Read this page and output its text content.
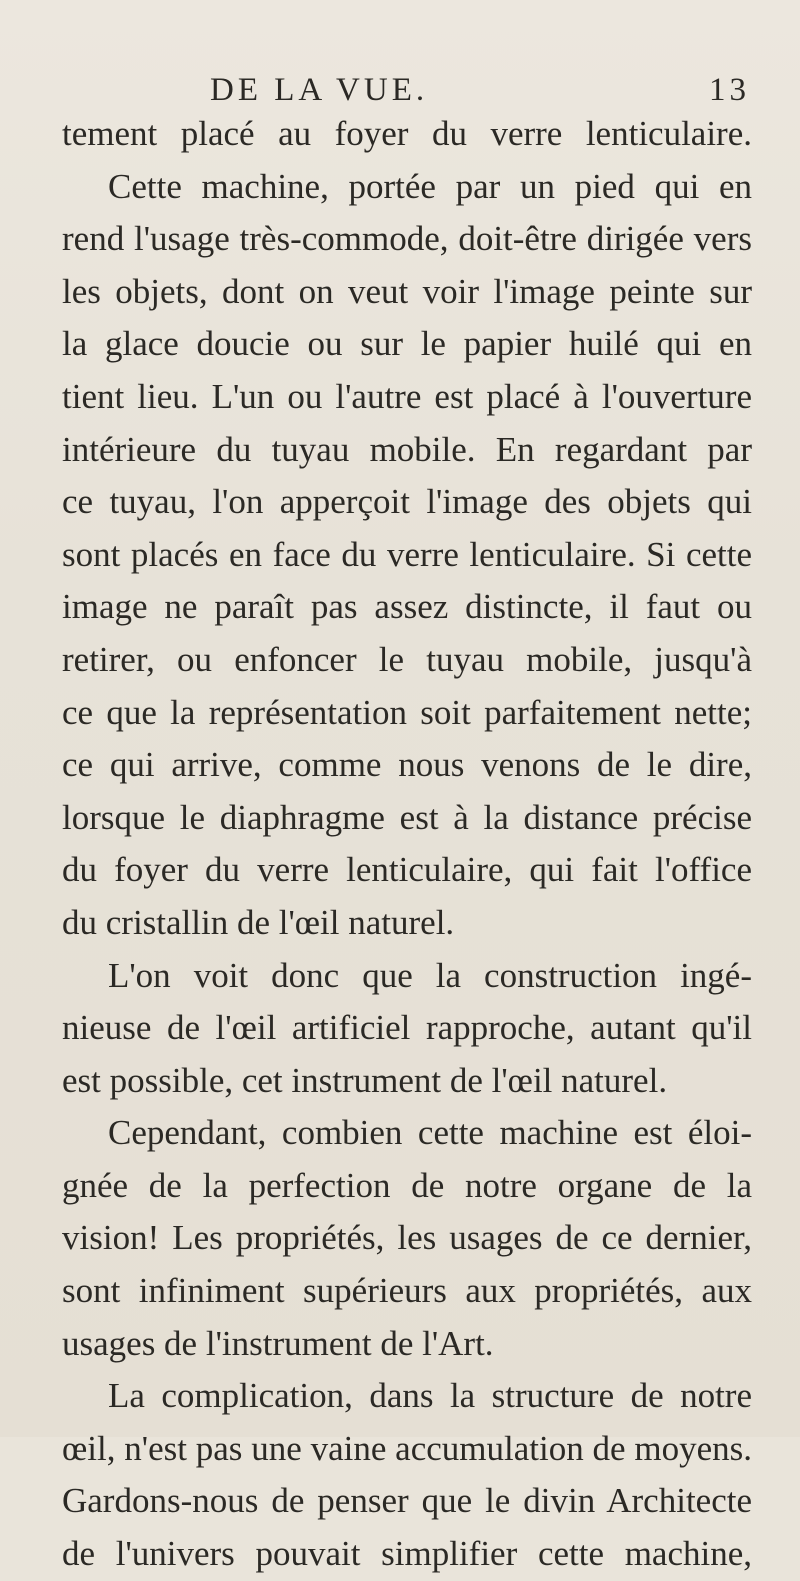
DE LA VUE.	13
tement placé au foyer du verre lenticulaire.
Cette machine, portée par un pied qui en
rend l'usage très-commode, doit-être dirigée vers
les objets, dont on veut voir l'image peinte sur
la glace doucie ou sur le papier huilé qui en
tient lieu. L'un ou l'autre est placé à l'ouverture
intérieure du tuyau mobile. En regardant par
ce tuyau, l'on apperçoit l'image des objets qui
sont placés en face du verre lenticulaire. Si cette
image ne paraît pas assez distincte, il faut ou
retirer, ou enfoncer le tuyau mobile, jusqu'à
ce que la représentation soit parfaitement nette;
ce qui arrive, comme nous venons de le dire,
lorsque le diaphragme est à la distance précise
du foyer du verre lenticulaire, qui fait l'office
du cristallin de l'œil naturel.
L'on voit donc que la construction ingé-
nieuse de l'œil artificiel rapproche, autant qu'il
est possible, cet instrument de l'œil naturel.
Cependant, combien cette machine est éloi-
gnée de la perfection de notre organe de la
vision! Les propriétés, les usages de ce dernier,
sont infiniment supérieurs aux propriétés, aux
usages de l'instrument de l'Art.
La complication, dans la structure de notre
œil, n'est pas une vaine accumulation de moyens.
Gardons-nous de penser que le divin Architecte
de l'univers pouvait simplifier cette machine,
